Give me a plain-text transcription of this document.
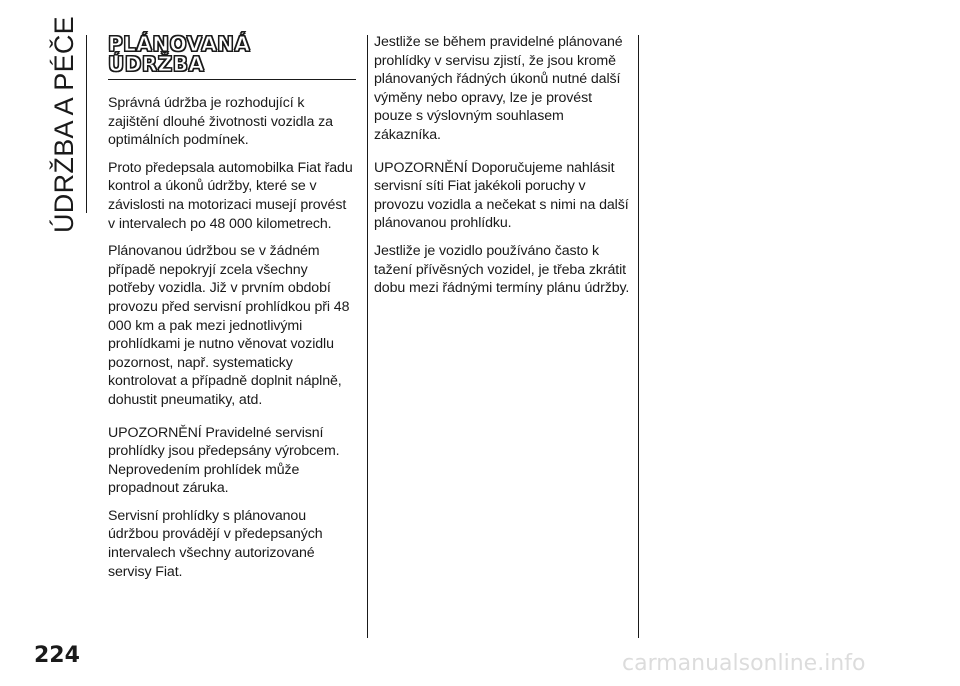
ÚDRŽBA A PÉČE PLÁNOVANÁ
ÚDRŽBA

Správná údržba je rozhodující k zajištění dlouhé životnosti vozidla za optimálních podmínek.

Proto předepsala automobilka Fiat řadu kontrol a úkonů údržby, které se v závislosti na motorizaci musejí provést v intervalech po 48 000 kilometrech.

Plánovanou údržbou se v žádném případě nepokryjí zcela všechny potřeby vozidla. Již v prvním období provozu před servisní prohlídkou při 48 000 km a pak mezi jednotlivými prohlídkami je nutno věnovat vozidlu pozornost, např. systematicky kontrolovat a případně doplnit náplně, dohustit pneumatiky, atd.

UPOZORNĚNÍ Pravidelné servisní prohlídky jsou předepsány výrobcem. Neprovedením prohlídek může propadnout záruka.

Servisní prohlídky s plánovanou údržbou provádějí v předepsaných intervalech všechny autorizované servisy Fiat.

Jestliže se během pravidelné plánované prohlídky v servisu zjistí, že jsou kromě plánovaných řádných úkonů nutné další výměny nebo opravy, lze je provést pouze s výslovným souhlasem zákazníka.

UPOZORNĚNÍ Doporučujeme nahlásit servisní síti Fiat jakékoli poruchy v provozu vozidla a nečekat s nimi na další plánovanou prohlídku.

Jestliže je vozidlo používáno často k tažení přívěsných vozidel, je třeba zkrátit dobu mezi řádnými termíny plánu údržby.

224	carmanualsonline.info
